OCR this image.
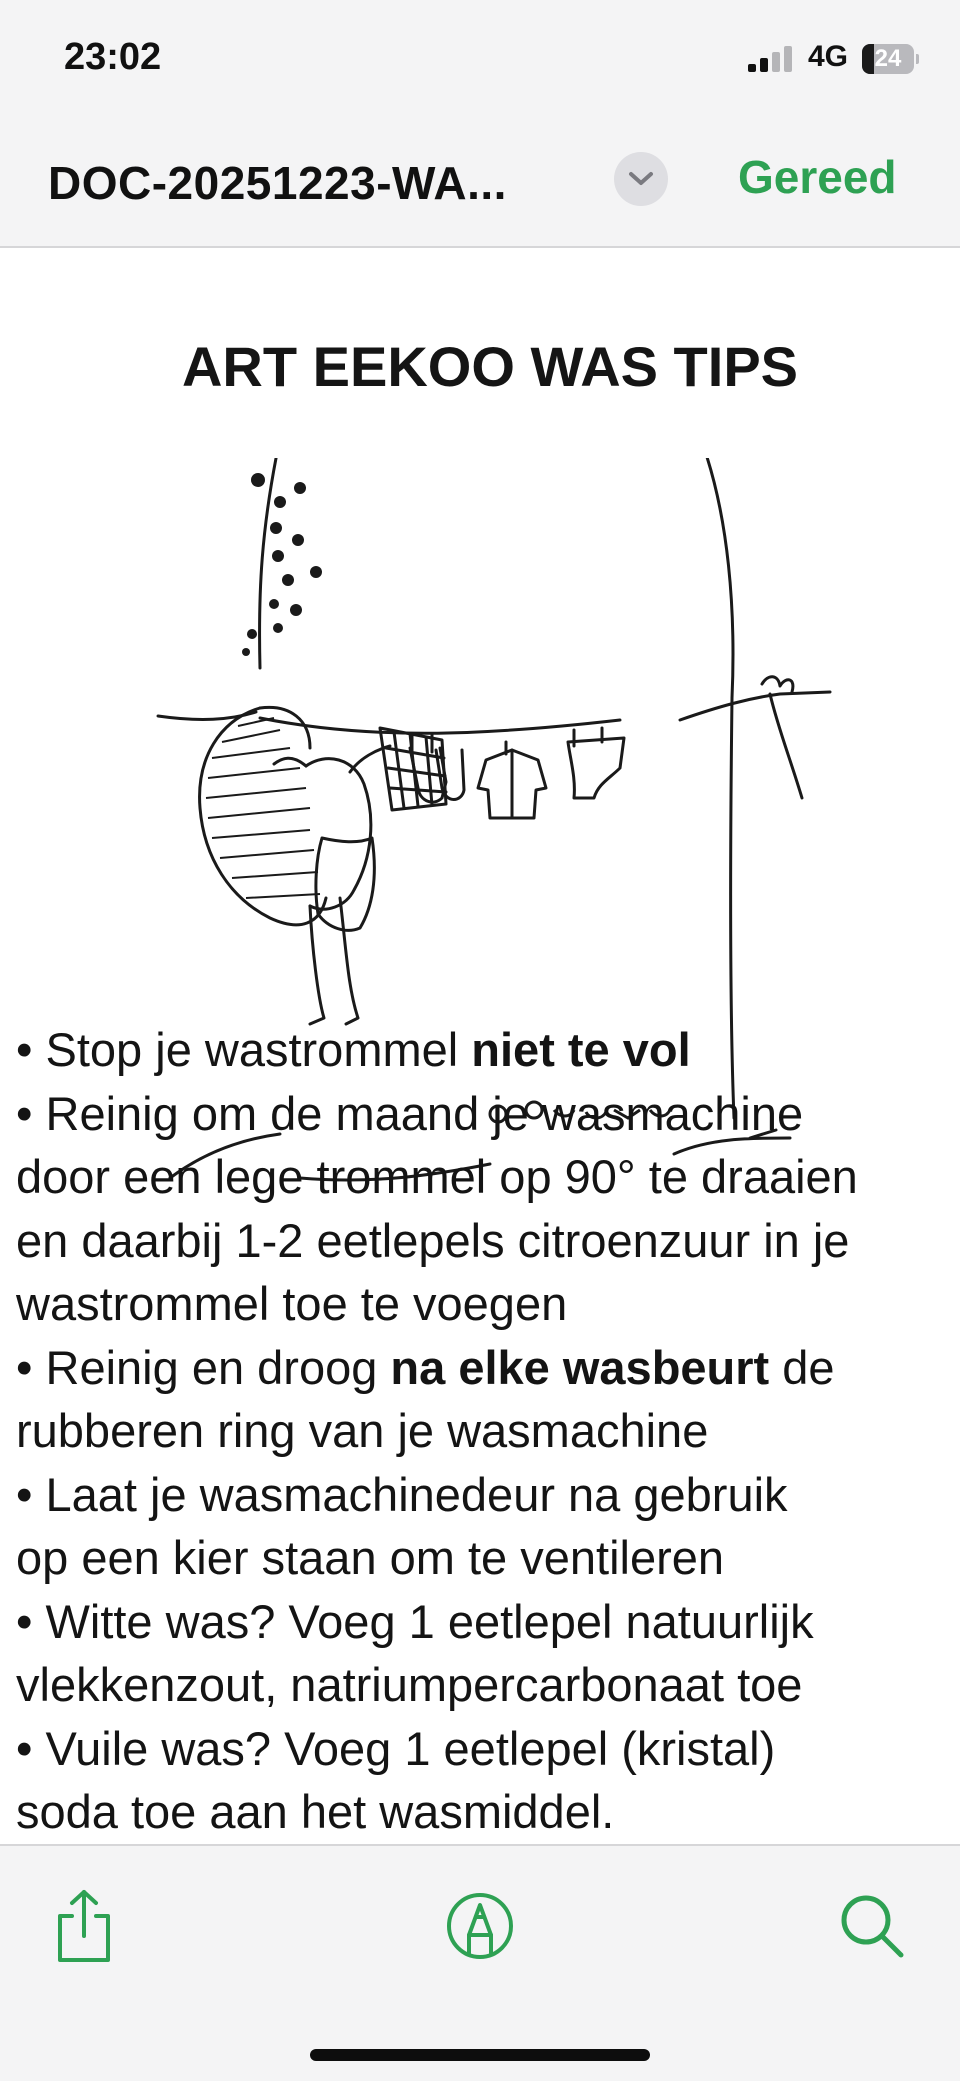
23:02	4G	24
DOC-20251223-WA...	Gereed
ART EEKOO WAS TIPS
• Stop je wastrommel niet te vol
• Reinig om de maand je wasmachine
door een lege trommel op 90° te draaien
en daarbij 1-2 eetlepels citroenzuur in je
wastrommel toe te voegen
• Reinig en droog na elke wasbeurt de
rubberen ring van je wasmachine
• Laat je wasmachinedeur na gebruik
op een kier staan om te ventileren
• Witte was? Voeg 1 eetlepel natuurlijk
vlekkenzout, natriumpercarbonaat toe
• Vuile was? Voeg 1 eetlepel (kristal)
soda toe aan het wasmiddel.
